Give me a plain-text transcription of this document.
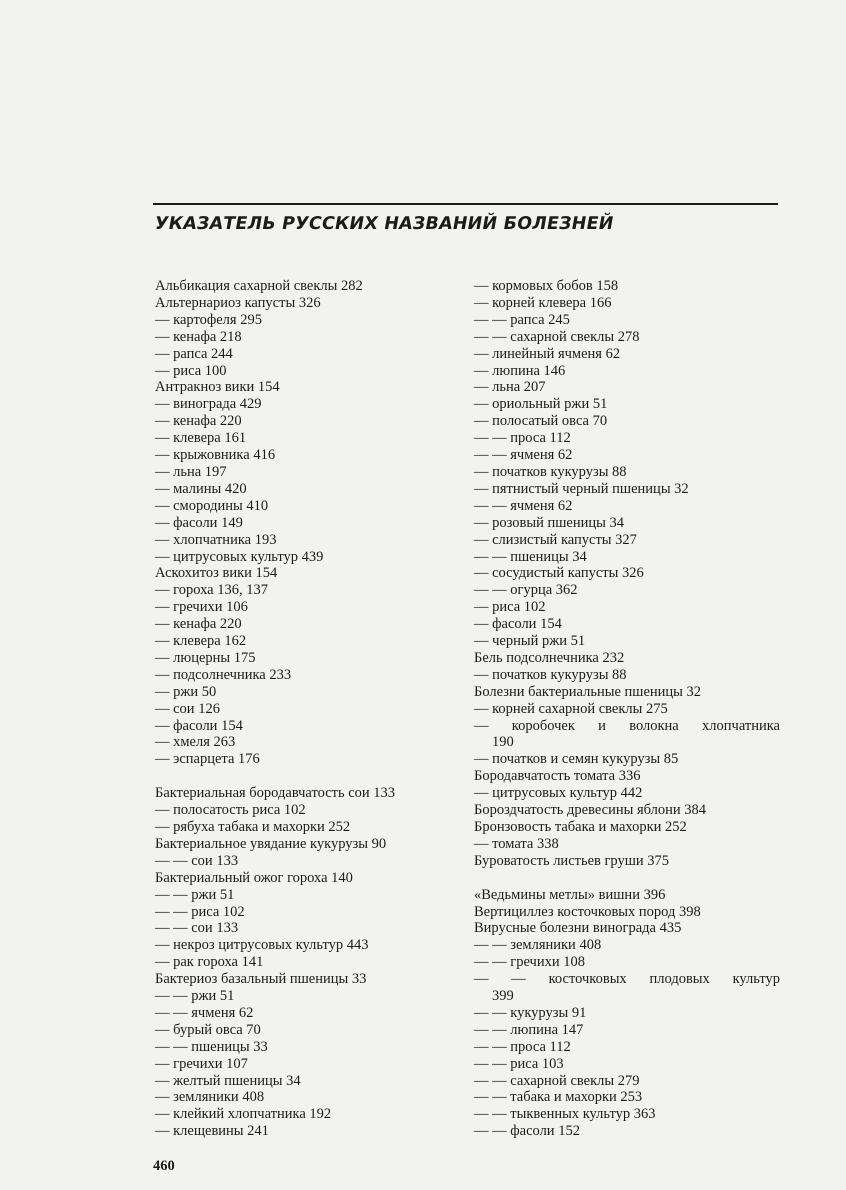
УКАЗАТЕЛЬ РУССКИХ НАЗВАНИЙ БОЛЕЗНЕЙ
Альбикация сахарной свеклы 282
Альтернариоз капусты 326
— картофеля 295
— кенафа 218
— рапса 244
— риса 100
Антракноз вики 154
— винограда 429
— кенафа 220
— клевера 161
— крыжовника 416
— льна 197
— малины 420
— смородины 410
— фасоли 149
— хлопчатника 193
— цитрусовых культур 439
Аскохитоз вики 154
— гороха 136, 137
— гречихи 106
— кенафа 220
— клевера 162
— люцерны 175
— подсолнечника 233
— ржи 50
— сои 126
— фасоли 154
— хмеля 263
— эспарцета 176
Бактериальная бородавчатость сои 133
— полосатость риса 102
— рябуха табака и махорки 252
Бактериальное увядание кукурузы 90
— — сои 133
Бактериальный ожог гороха 140
— — ржи 51
— — риса 102
— — сои 133
— некроз цитрусовых культур 443
— рак гороха 141
Бактериоз базальный пшеницы 33
— — ржи 51
— — ячменя 62
— бурый овса 70
— — пшеницы 33
— гречихи 107
— желтый пшеницы 34
— земляники 408
— клейкий хлопчатника 192
— клещевины 241
— кормовых бобов 158
— корней клевера 166
— — рапса 245
— — сахарной свеклы 278
— линейный ячменя 62
— люпина 146
— льна 207
— ориольный ржи 51
— полосатый овса 70
— — проса 112
— — ячменя 62
— початков кукурузы 88
— пятнистый черный пшеницы 32
— — ячменя 62
— розовый пшеницы 34
— слизистый капусты 327
— — пшеницы 34
— сосудистый капусты 326
— — огурца 362
— риса 102
— фасоли 154
— черный ржи 51
Бель подсолнечника 232
— початков кукурузы 88
Болезни бактериальные пшеницы 32
— корней сахарной свеклы 275
— коробочек и волокна хлопчатника
190
— початков и семян кукурузы 85
Бородавчатость томата 336
— цитрусовых культур 442
Бороздчатость древесины яблони 384
Бронзовость табака и махорки 252
— томата 338
Буроватость листьев груши 375
«Ведьмины метлы» вишни 396
Вертициллез косточковых пород 398
Вирусные болезни винограда 435
— — земляники 408
— — гречихи 108
— — косточковых плодовых культур
399
— — кукурузы 91
— — люпина 147
— — проса 112
— — риса 103
— — сахарной свеклы 279
— — табака и махорки 253
— — тыквенных культур 363
— — фасоли 152
460
